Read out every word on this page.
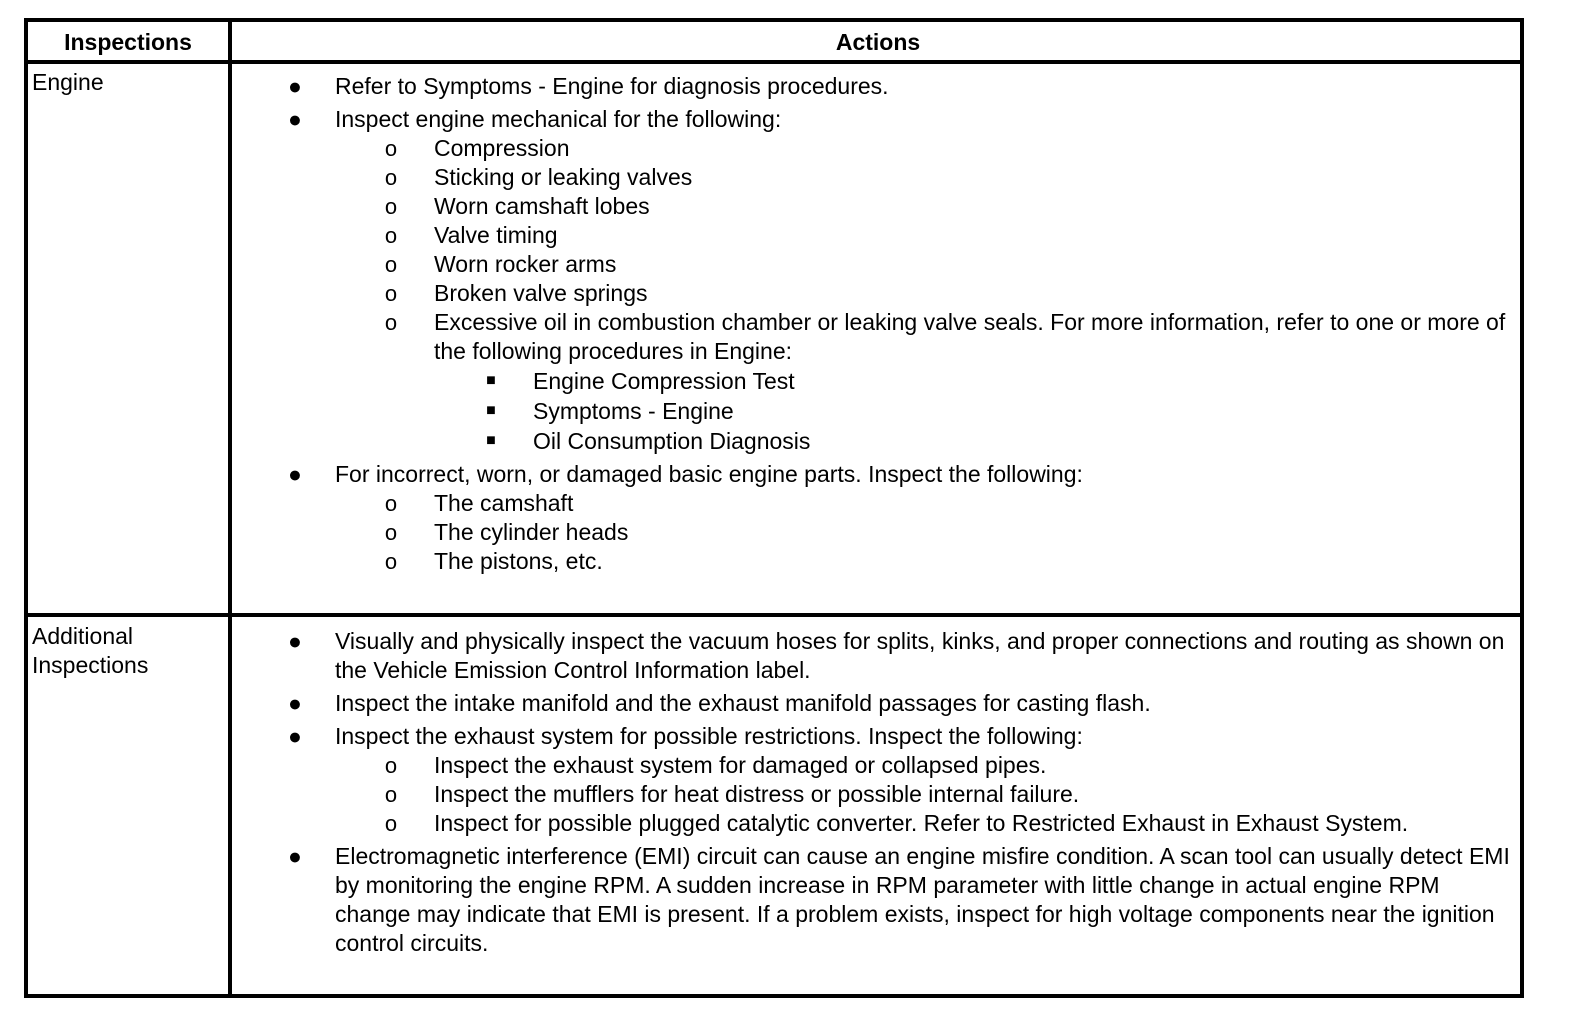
Inspections	Actions
Engine	● Refer to Symptoms - Engine for diagnosis procedures.
● Inspect engine mechanical for the following:
o Compression
o Sticking or leaking valves
o Worn camshaft lobes
o Valve timing
o Worn rocker arms
o Broken valve springs
o Excessive oil in combustion chamber or leaking valve seals. For more information, refer to one or more of the following procedures in Engine:
■ Engine Compression Test
■ Symptoms - Engine
■ Oil Consumption Diagnosis
● For incorrect, worn, or damaged basic engine parts. Inspect the following:
o The camshaft
o The cylinder heads
o The pistons, etc.
Additional
Inspections
● Visually and physically inspect the vacuum hoses for splits, kinks, and proper connections and routing as shown on the Vehicle Emission Control Information label.
● Inspect the intake manifold and the exhaust manifold passages for casting flash.
● Inspect the exhaust system for possible restrictions. Inspect the following:
o Inspect the exhaust system for damaged or collapsed pipes.
o Inspect the mufflers for heat distress or possible internal failure.
o Inspect for possible plugged catalytic converter. Refer to Restricted Exhaust in Exhaust System.
● Electromagnetic interference (EMI) circuit can cause an engine misfire condition. A scan tool can usually detect EMI by monitoring the engine RPM. A sudden increase in RPM parameter with little change in actual engine RPM change may indicate that EMI is present. If a problem exists, inspect for high voltage components near the ignition control circuits.
